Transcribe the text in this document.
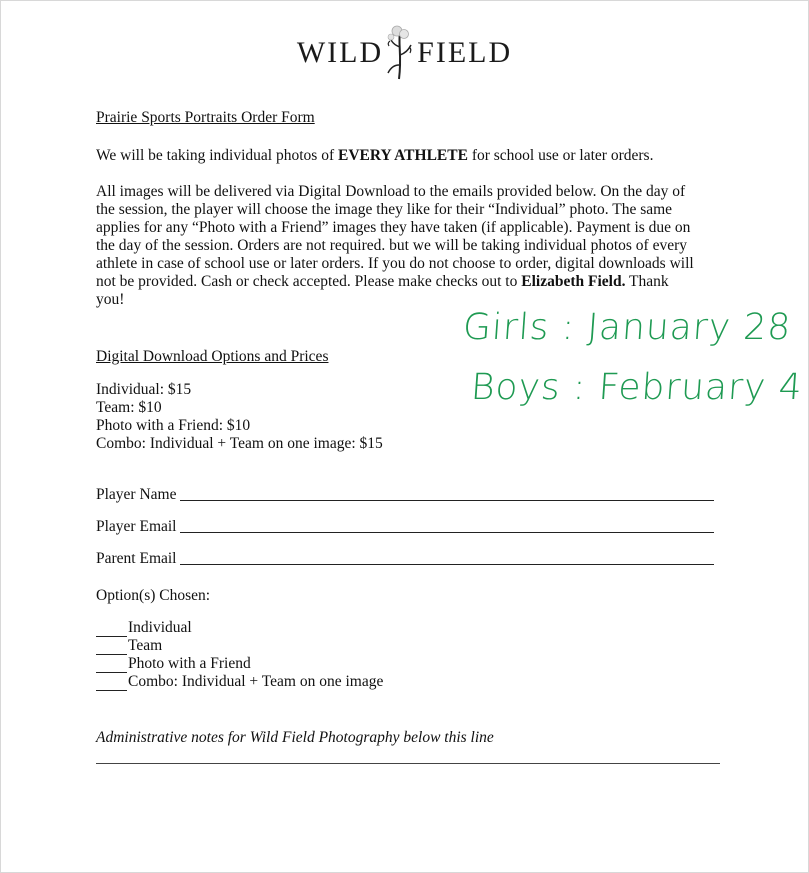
WILD FIELD
Prairie Sports Portraits Order Form
We will be taking individual photos of EVERY ATHLETE for school use or later orders.
All images will be delivered via Digital Download to the emails provided below. On the day of
the session, the player will choose the image they like for their “Individual” photo. The same
applies for any “Photo with a Friend” images they have taken (if applicable). Payment is due on
the day of the session. Orders are not required. but we will be taking individual photos of every
athlete in case of school use or later orders. If you do not choose to order, digital downloads will
not be provided. Cash or check accepted. Please make checks out to Elizabeth Field. Thank
you!
Girls : January 28
Boys : February 4
Digital Download Options and Prices
Individual: $15
Team: $10
Photo with a Friend: $10
Combo: Individual + Team on one image: $15
Player Name
Player Email
Parent Email
Option(s) Chosen:
Individual
Team
Photo with a Friend
Combo: Individual + Team on one image
Administrative notes for Wild Field Photography below this line
